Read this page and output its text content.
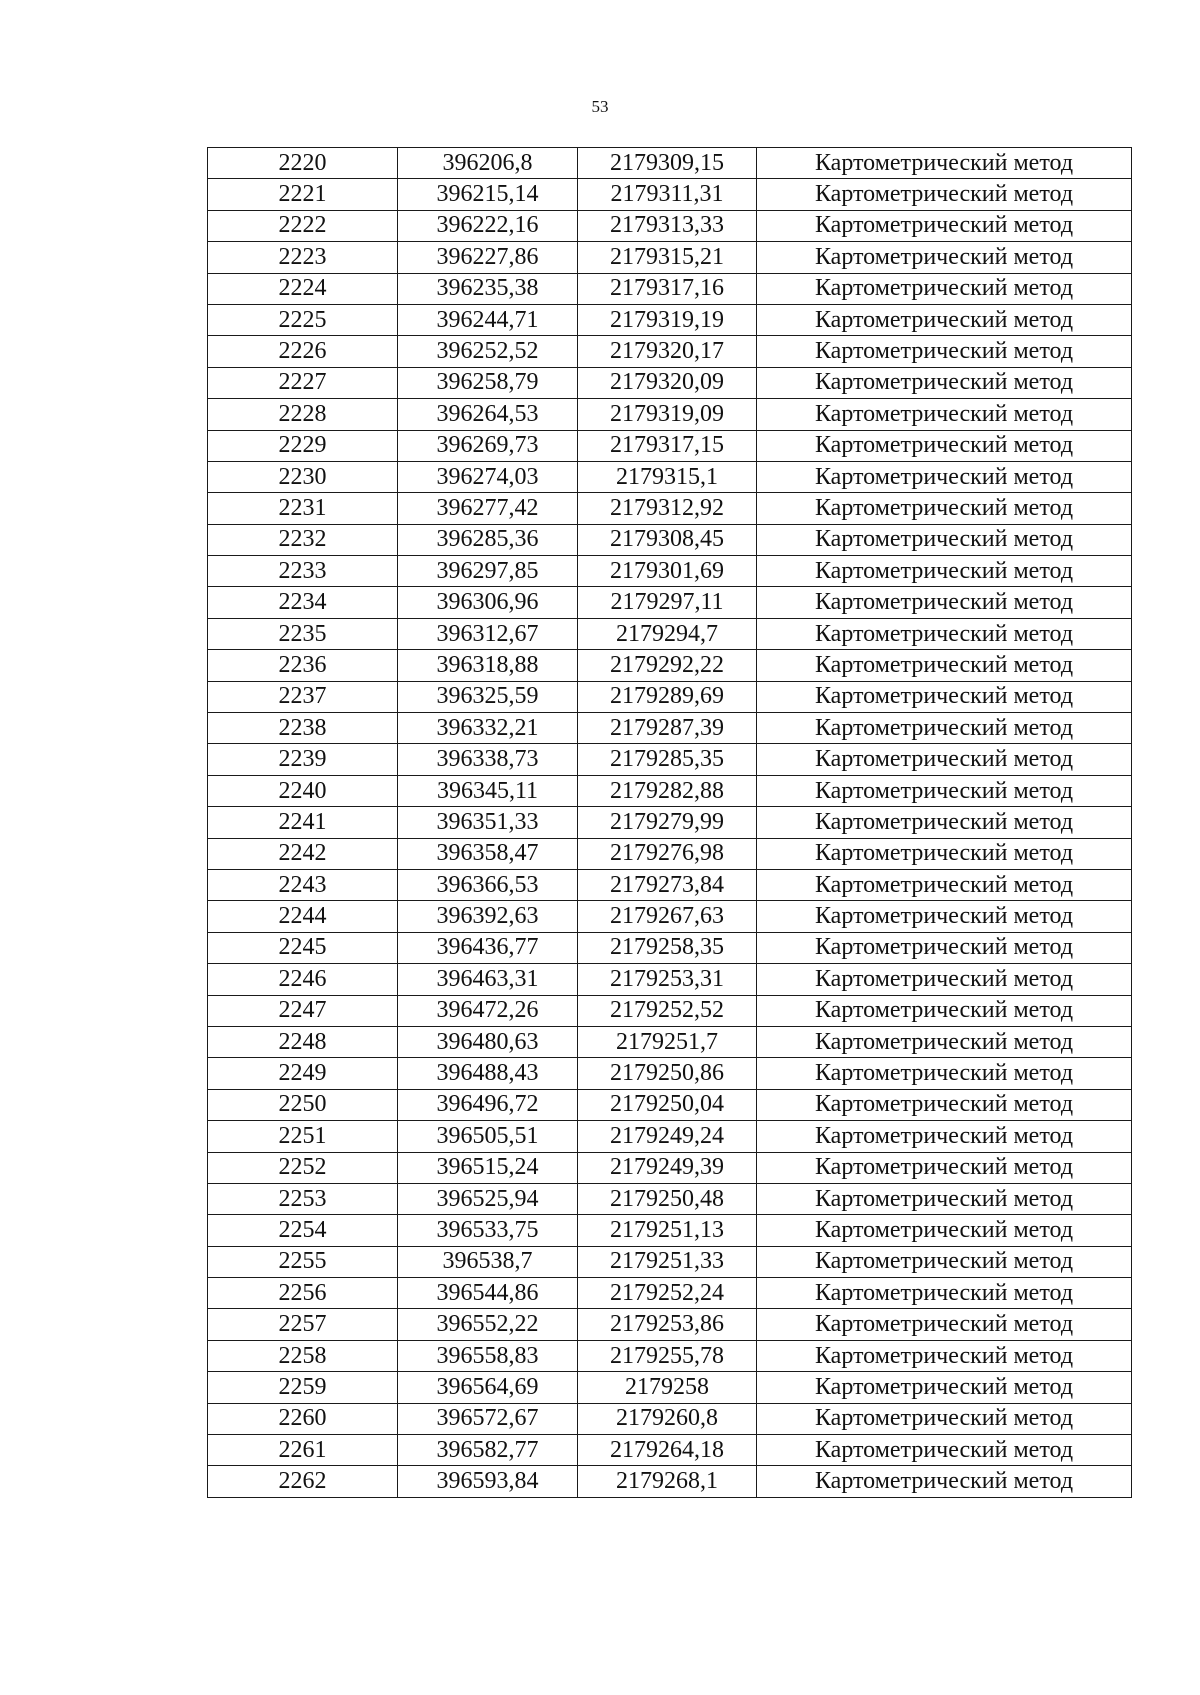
53
2220	396206,8	2179309,15	Картометрический метод
2221	396215,14	2179311,31	Картометрический метод
2222	396222,16	2179313,33	Картометрический метод
2223	396227,86	2179315,21	Картометрический метод
2224	396235,38	2179317,16	Картометрический метод
2225	396244,71	2179319,19	Картометрический метод
2226	396252,52	2179320,17	Картометрический метод
2227	396258,79	2179320,09	Картометрический метод
2228	396264,53	2179319,09	Картометрический метод
2229	396269,73	2179317,15	Картометрический метод
2230	396274,03	2179315,1	Картометрический метод
2231	396277,42	2179312,92	Картометрический метод
2232	396285,36	2179308,45	Картометрический метод
2233	396297,85	2179301,69	Картометрический метод
2234	396306,96	2179297,11	Картометрический метод
2235	396312,67	2179294,7	Картометрический метод
2236	396318,88	2179292,22	Картометрический метод
2237	396325,59	2179289,69	Картометрический метод
2238	396332,21	2179287,39	Картометрический метод
2239	396338,73	2179285,35	Картометрический метод
2240	396345,11	2179282,88	Картометрический метод
2241	396351,33	2179279,99	Картометрический метод
2242	396358,47	2179276,98	Картометрический метод
2243	396366,53	2179273,84	Картометрический метод
2244	396392,63	2179267,63	Картометрический метод
2245	396436,77	2179258,35	Картометрический метод
2246	396463,31	2179253,31	Картометрический метод
2247	396472,26	2179252,52	Картометрический метод
2248	396480,63	2179251,7	Картометрический метод
2249	396488,43	2179250,86	Картометрический метод
2250	396496,72	2179250,04	Картометрический метод
2251	396505,51	2179249,24	Картометрический метод
2252	396515,24	2179249,39	Картометрический метод
2253	396525,94	2179250,48	Картометрический метод
2254	396533,75	2179251,13	Картометрический метод
2255	396538,7	2179251,33	Картометрический метод
2256	396544,86	2179252,24	Картометрический метод
2257	396552,22	2179253,86	Картометрический метод
2258	396558,83	2179255,78	Картометрический метод
2259	396564,69	2179258	Картометрический метод
2260	396572,67	2179260,8	Картометрический метод
2261	396582,77	2179264,18	Картометрический метод
2262	396593,84	2179268,1	Картометрический метод
